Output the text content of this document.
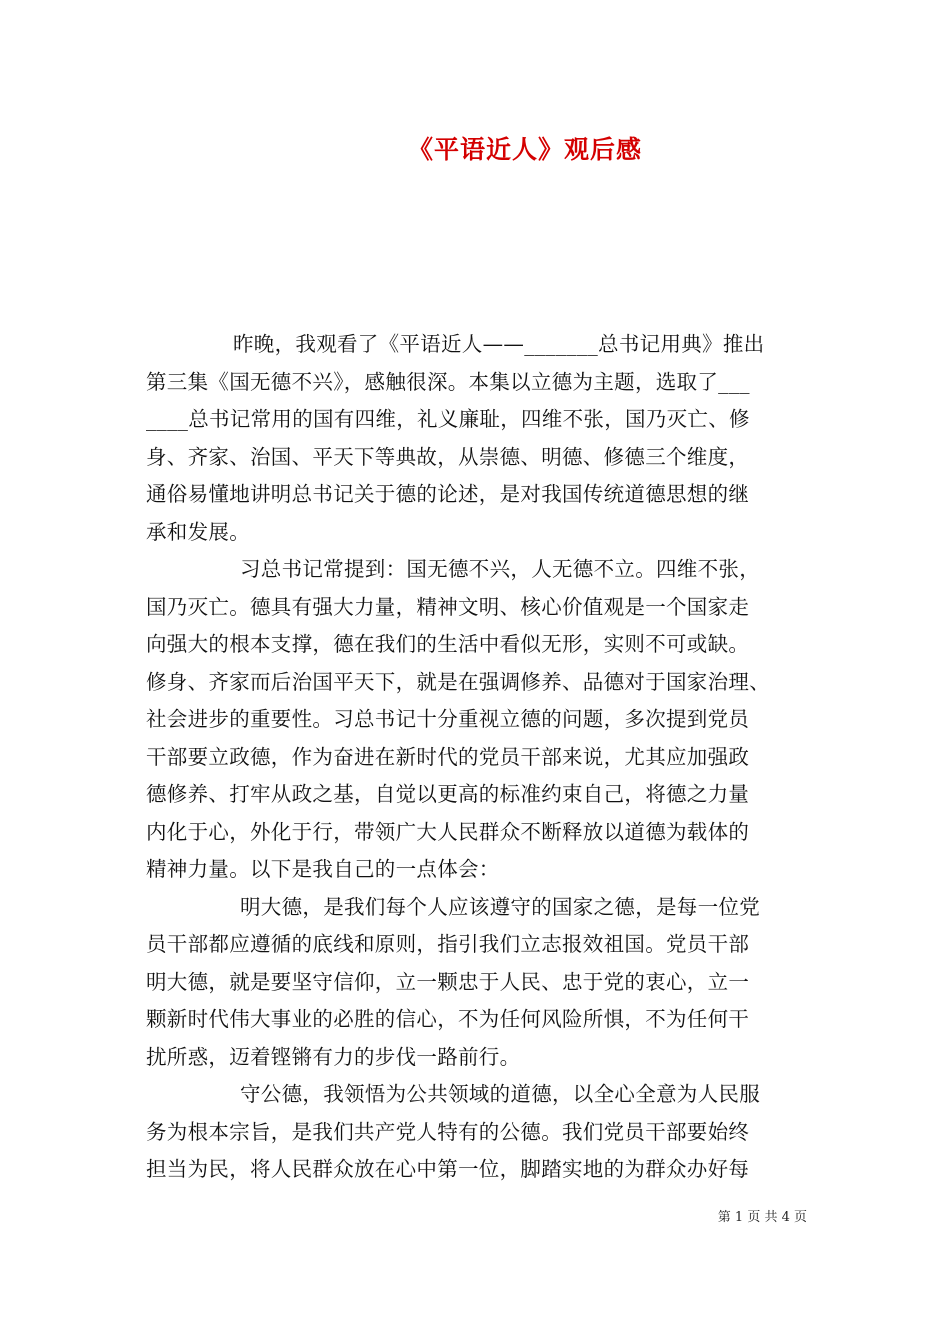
《平语近人》观后感
昨晚，我观看了《平语近人——_______总书记用典》推出
第三集《国无德不兴》，感触很深。本集以立德为主题，选取了___
____总书记常用的国有四维，礼义廉耻，四维不张，国乃灭亡、修
身、齐家、治国、平天下等典故，从崇德、明德、修德三个维度，
通俗易懂地讲明总书记关于德的论述，是对我国传统道德思想的继
承和发展。
习总书记常提到：国无德不兴，人无德不立。四维不张，
国乃灭亡。德具有强大力量，精神文明、核心价值观是一个国家走
向强大的根本支撑，德在我们的生活中看似无形，实则不可或缺。
修身、齐家而后治国平天下，就是在强调修养、品德对于国家治理、
社会进步的重要性。习总书记十分重视立德的问题，多次提到党员
干部要立政德，作为奋进在新时代的党员干部来说，尤其应加强政
德修养、打牢从政之基，自觉以更高的标准约束自己，将德之力量
内化于心，外化于行，带领广大人民群众不断释放以道德为载体的
精神力量。以下是我自己的一点体会：
明大德，是我们每个人应该遵守的国家之德，是每一位党
员干部都应遵循的底线和原则，指引我们立志报效祖国。党员干部
明大德，就是要坚守信仰，立一颗忠于人民、忠于党的衷心，立一
颗新时代伟大事业的必胜的信心，不为任何风险所惧，不为任何干
扰所惑，迈着铿锵有力的步伐一路前行。
守公德，我领悟为公共领域的道德，以全心全意为人民服
务为根本宗旨，是我们共产党人特有的公德。我们党员干部要始终
担当为民，将人民群众放在心中第一位，脚踏实地的为群众办好每
第 1 页 共 4 页
